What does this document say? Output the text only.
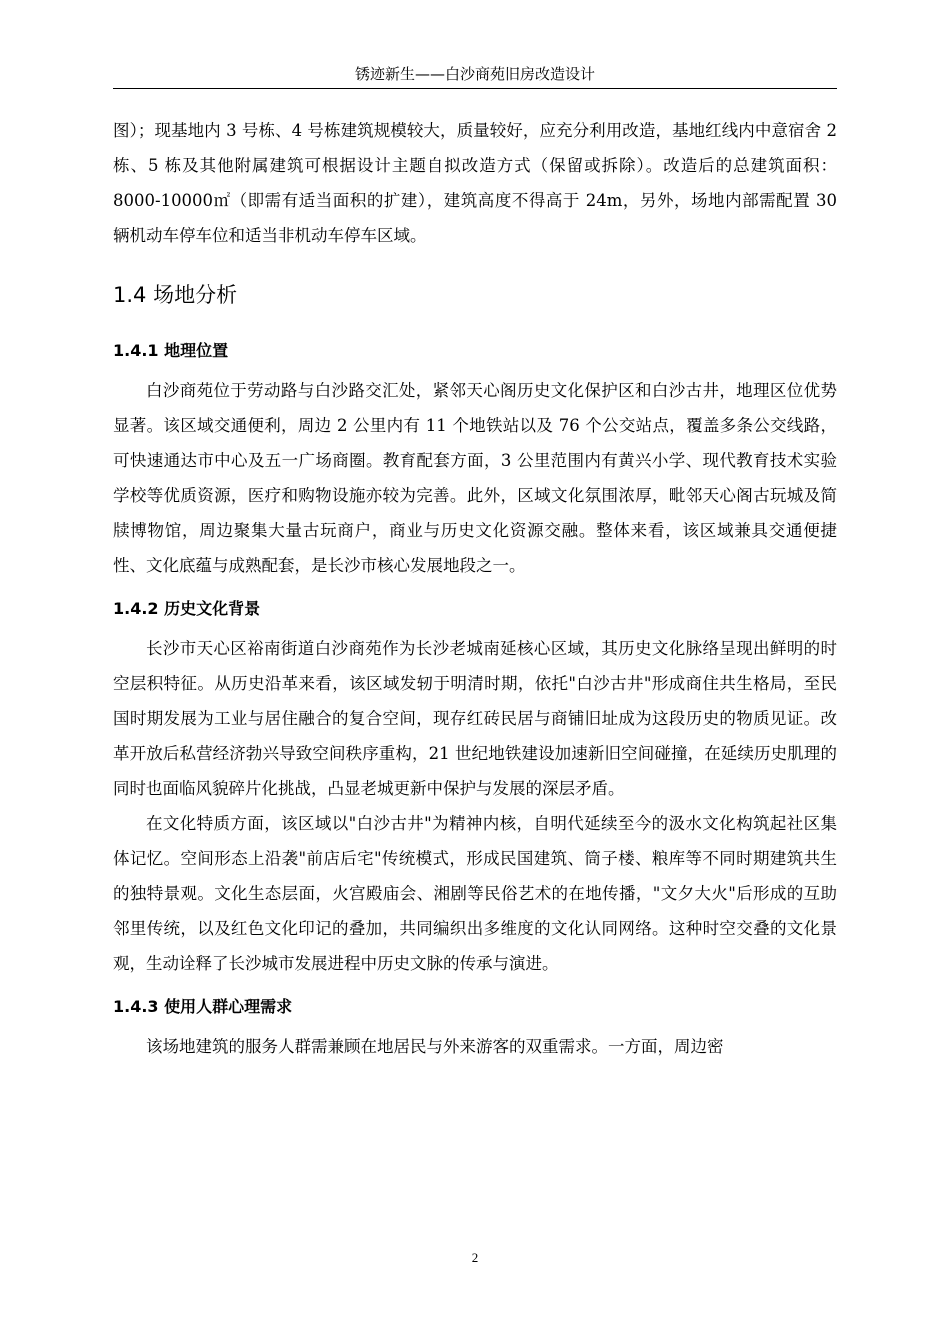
锈迹新生——白沙商苑旧房改造设计

图）；现基地内 3 号栋、4 号栋建筑规模较大，质量较好，应充分利用改造，基地红线内中意宿舍 2 栋、5 栋及其他附属建筑可根据设计主题自拟改造方式（保留或拆除）。改造后的总建筑面积：8000-10000㎡（即需有适当面积的扩建），建筑高度不得高于 24m，另外，场地内部需配置 30 辆机动车停车位和适当非机动车停车区域。

1.4 场地分析
1.4.1 地理位置

白沙商苑位于劳动路与白沙路交汇处，紧邻天心阁历史文化保护区和白沙古井，地理区位优势显著。该区域交通便利，周边 2 公里内有 11 个地铁站以及 76 个公交站点，覆盖多条公交线路，可快速通达市中心及五一广场商圈。教育配套方面，3 公里范围内有黄兴小学、现代教育技术实验学校等优质资源，医疗和购物设施亦较为完善。此外，区域文化氛围浓厚，毗邻天心阁古玩城及简牍博物馆，周边聚集大量古玩商户，商业与历史文化资源交融。整体来看，该区域兼具交通便捷性、文化底蕴与成熟配套，是长沙市核心发展地段之一。

1.4.2 历史文化背景

长沙市天心区裕南街道白沙商苑作为长沙老城南延核心区域，其历史文化脉络呈现出鲜明的时空层积特征。从历史沿革来看，该区域发轫于明清时期，依托"白沙古井"形成商住共生格局，至民国时期发展为工业与居住融合的复合空间，现存红砖民居与商铺旧址成为这段历史的物质见证。改革开放后私营经济勃兴导致空间秩序重构，21 世纪地铁建设加速新旧空间碰撞，在延续历史肌理的同时也面临风貌碎片化挑战，凸显老城更新中保护与发展的深层矛盾。

在文化特质方面，该区域以"白沙古井"为精神内核，自明代延续至今的汲水文化构筑起社区集体记忆。空间形态上沿袭"前店后宅"传统模式，形成民国建筑、筒子楼、粮库等不同时期建筑共生的独特景观。文化生态层面，火宫殿庙会、湘剧等民俗艺术的在地传播，"文夕大火"后形成的互助邻里传统，以及红色文化印记的叠加，共同编织出多维度的文化认同网络。这种时空交叠的文化景观，生动诠释了长沙城市发展进程中历史文脉的传承与演进。

1.4.3 使用人群心理需求

该场地建筑的服务人群需兼顾在地居民与外来游客的双重需求。一方面，周边密

2
